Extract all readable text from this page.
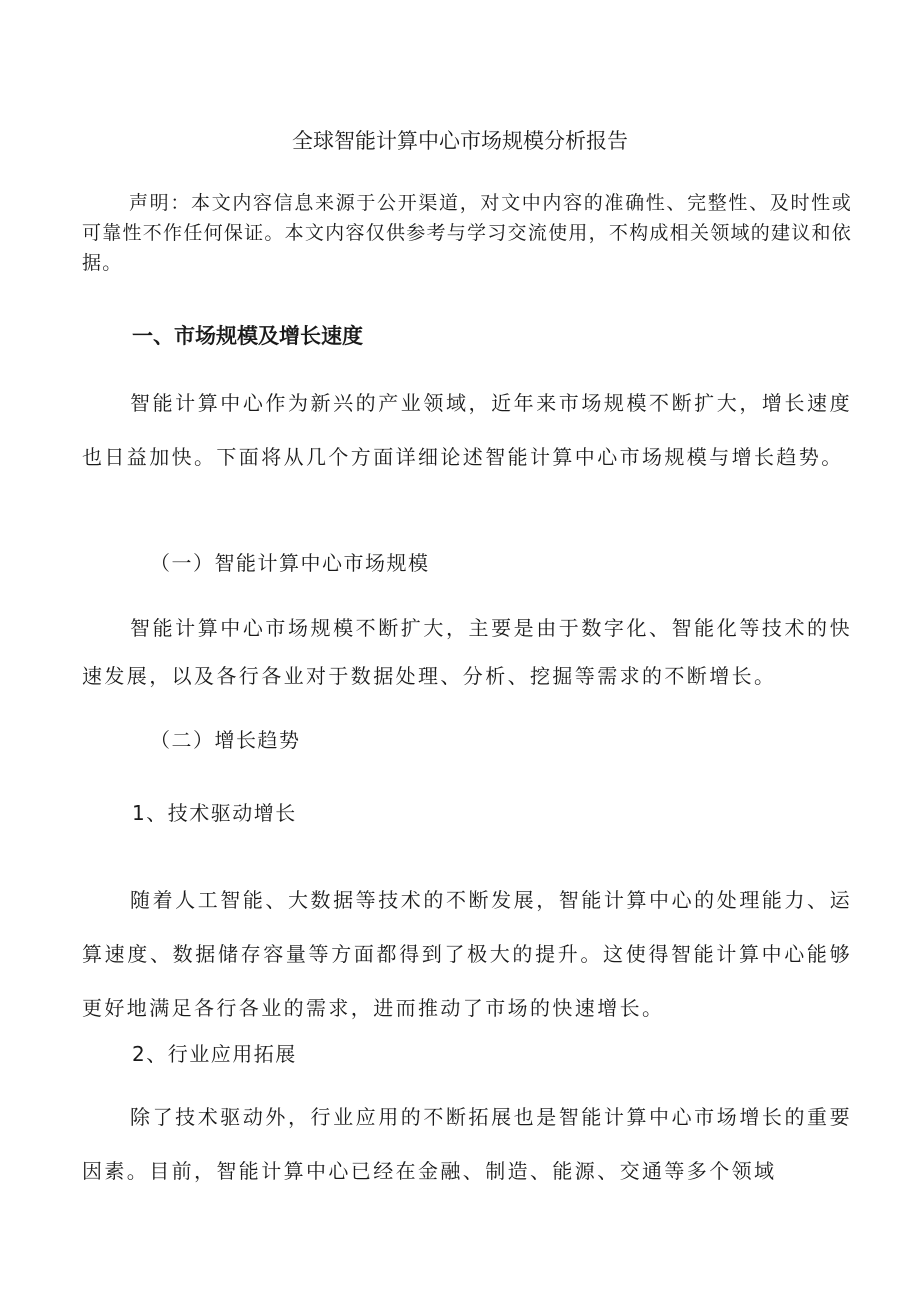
全球智能计算中心市场规模分析报告

声明：本文内容信息来源于公开渠道，对文中内容的准确性、完整性、及时性或可靠性不作任何保证。本文内容仅供参考与学习交流使用，不构成相关领域的建议和依据。

一、市场规模及增长速度

智能计算中心作为新兴的产业领域，近年来市场规模不断扩大，增长速度也日益加快。下面将从几个方面详细论述智能计算中心市场规模与增长趋势。

（一）智能计算中心市场规模

智能计算中心市场规模不断扩大，主要是由于数字化、智能化等技术的快速发展，以及各行各业对于数据处理、分析、挖掘等需求的不断增长。

（二）增长趋势
1、技术驱动增长

随着人工智能、大数据等技术的不断发展，智能计算中心的处理能力、运算速度、数据储存容量等方面都得到了极大的提升。这使得智能计算中心能够更好地满足各行各业的需求，进而推动了市场的快速增长。

2、行业应用拓展

除了技术驱动外，行业应用的不断拓展也是智能计算中心市场增长的重要因素。目前，智能计算中心已经在金融、制造、能源、交通等多个领域
